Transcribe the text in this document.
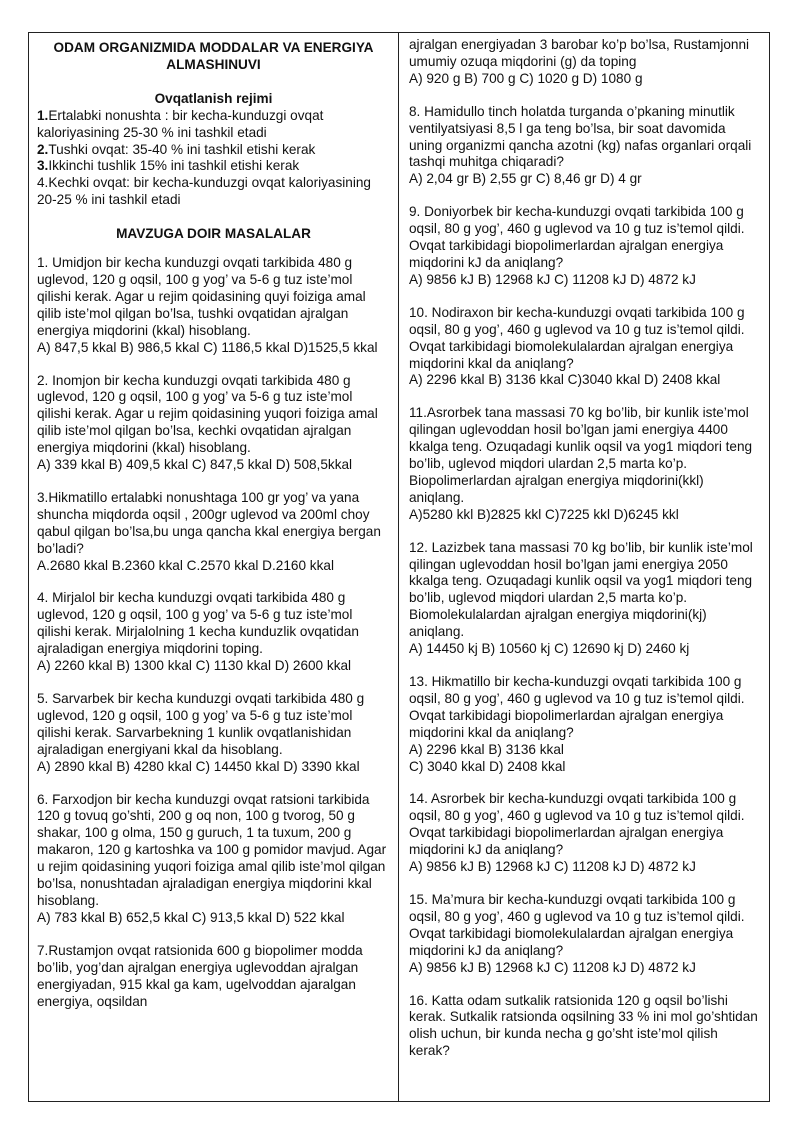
ODAM ORGANIZMIDA MODDALAR VA ENERGIYA ALMASHINUVI

Ovqatlanish rejimi

1.Ertalabki nonushta : bir kecha-kunduzgi ovqat kaloriyasining 25-30 % ini tashkil etadi

2.Tushki ovqat: 35-40 % ini tashkil etishi kerak

3.Ikkinchi tushlik 15% ini tashkil etishi kerak

4.Kechki ovqat: bir kecha-kunduzgi ovqat kaloriyasining 20-25 % ini tashkil etadi

MAVZUGA DOIR MASALALAR

1. Umidjon bir kecha kunduzgi ovqati tarkibida 480 g uglevod, 120 g oqsil, 100 g yog’ va 5-6 g tuz iste’mol qilishi kerak. Agar u rejim qoidasining quyi foiziga amal qilib iste’mol qilgan bo’lsa, tushki ovqatidan ajralgan energiya miqdorini (kkal) hisoblang.
A) 847,5 kkal B) 986,5 kkal C) 1186,5 kkal D)1525,5 kkal
2. Inomjon bir kecha kunduzgi ovqati tarkibida 480 g uglevod, 120 g oqsil, 100 g yog’ va 5-6 g tuz iste’mol qilishi kerak. Agar u rejim qoidasining yuqori foiziga amal qilib iste’mol qilgan bo’lsa, kechki ovqatidan ajralgan energiya miqdorini (kkal) hisoblang.
A) 339 kkal B) 409,5 kkal C) 847,5 kkal D) 508,5kkal
3.Hikmatillo ertalabki nonushtaga 100 gr yog’ va yana shuncha miqdorda oqsil , 200gr uglevod va 200ml choy qabul qilgan bo’lsa,bu unga qancha kkal energiya bergan bo’ladi?
A.2680 kkal B.2360 kkal C.2570 kkal D.2160 kkal
4. Mirjalol bir kecha kunduzgi ovqati tarkibida 480 g uglevod, 120 g oqsil, 100 g yog’ va 5-6 g tuz iste’mol qilishi kerak. Mirjalolning 1 kecha kunduzlik ovqatidan ajraladigan energiya miqdorini toping.
A) 2260 kkal B) 1300 kkal C) 1130 kkal D) 2600 kkal
5. Sarvarbek bir kecha kunduzgi ovqati tarkibida 480 g uglevod, 120 g oqsil, 100 g yog’ va 5-6 g tuz iste’mol qilishi kerak. Sarvarbekning 1 kunlik ovqatlanishidan ajraladigan energiyani kkal da hisoblang.
A) 2890 kkal B) 4280 kkal C) 14450 kkal D) 3390 kkal
6. Farxodjon bir kecha kunduzgi ovqat ratsioni tarkibida 120 g tovuq go’shti, 200 g oq non, 100 g tvorog, 50 g shakar, 100 g olma, 150 g guruch, 1 ta tuxum, 200 g makaron, 120 g kartoshka va 100 g pomidor mavjud. Agar u rejim qoidasining yuqori foiziga amal qilib iste’mol qilgan bo’lsa, nonushtadan ajraladigan energiya miqdorini kkal hisoblang.
A) 783 kkal B) 652,5 kkal C) 913,5 kkal D) 522 kkal
7.Rustamjon ovqat ratsionida 600 g biopolimer modda bo’lib, yog’dan ajralgan energiya uglevoddan ajralgan energiyadan, 915 kkal ga kam, ugelvoddan ajaralgan energiya, oqsildan
ajralgan energiyadan 3 barobar ko’p bo’lsa, Rustamjonni umumiy ozuqa miqdorini (g) da toping
A) 920 g B) 700 g C) 1020 g D) 1080 g
8. Hamidullo tinch holatda turganda o’pkaning minutlik ventilyatsiyasi 8,5 l ga teng bo’lsa, bir soat davomida uning organizmi qancha azotni (kg) nafas organlari orqali tashqi muhitga chiqaradi?
A) 2,04 gr B) 2,55 gr C) 8,46 gr D) 4 gr
9. Doniyorbek bir kecha-kunduzgi ovqati tarkibida 100 g oqsil, 80 g yog’, 460 g uglevod va 10 g tuz is’temol qildi. Ovqat tarkibidagi biopolimerlardan ajralgan energiya miqdorini kJ da aniqlang?
A) 9856 kJ B) 12968 kJ C) 11208 kJ D) 4872 kJ
10. Nodiraxon bir kecha-kunduzgi ovqati tarkibida 100 g oqsil, 80 g yog’, 460 g uglevod va 10 g tuz is’temol qildi. Ovqat tarkibidagi biomolekulalardan ajralgan energiya miqdorini kkal da aniqlang?
A) 2296 kkal B) 3136 kkal C)3040 kkal D) 2408 kkal
11.Asrorbek tana massasi 70 kg bo’lib, bir kunlik iste’mol qilingan uglevoddan hosil bo’lgan jami energiya 4400 kkalga teng. Ozuqadagi kunlik oqsil va yog1 miqdori teng bo’lib, uglevod miqdori ulardan 2,5 marta ko’p. Biopolimerlardan ajralgan energiya miqdorini(kkl) aniqlang.
A)5280 kkl B)2825 kkl C)7225 kkl D)6245 kkl
12. Lazizbek tana massasi 70 kg bo’lib, bir kunlik iste’mol qilingan uglevoddan hosil bo’lgan jami energiya 2050 kkalga teng. Ozuqadagi kunlik oqsil va yog1 miqdori teng bo’lib, uglevod miqdori ulardan 2,5 marta ko’p. Biomolekulalardan ajralgan energiya miqdorini(kj) aniqlang.
A) 14450 kj B) 10560 kj C) 12690 kj D) 2460 kj
13. Hikmatillo bir kecha-kunduzgi ovqati tarkibida 100 g oqsil, 80 g yog’, 460 g uglevod va 10 g tuz is’temol qildi. Ovqat tarkibidagi biopolimerlardan ajralgan energiya miqdorini kkal da aniqlang?
A) 2296 kkal B) 3136 kkal
C) 3040 kkal D) 2408 kkal
14. Asrorbek bir kecha-kunduzgi ovqati tarkibida 100 g oqsil, 80 g yog’, 460 g uglevod va 10 g tuz is’temol qildi. Ovqat tarkibidagi biopolimerlardan ajralgan energiya miqdorini kJ da aniqlang?
A) 9856 kJ B) 12968 kJ C) 11208 kJ D) 4872 kJ
15. Ma’mura bir kecha-kunduzgi ovqati tarkibida 100 g oqsil, 80 g yog’, 460 g uglevod va 10 g tuz is’temol qildi. Ovqat tarkibidagi biomolekulalardan ajralgan energiya miqdorini kJ da aniqlang?
A) 9856 kJ B) 12968 kJ C) 11208 kJ D) 4872 kJ
16. Katta odam sutkalik ratsionida 120 g oqsil bo’lishi kerak. Sutkalik ratsionda oqsilning 33 % ini mol go’shtidan olish uchun, bir kunda necha g go’sht iste’mol qilish kerak?
